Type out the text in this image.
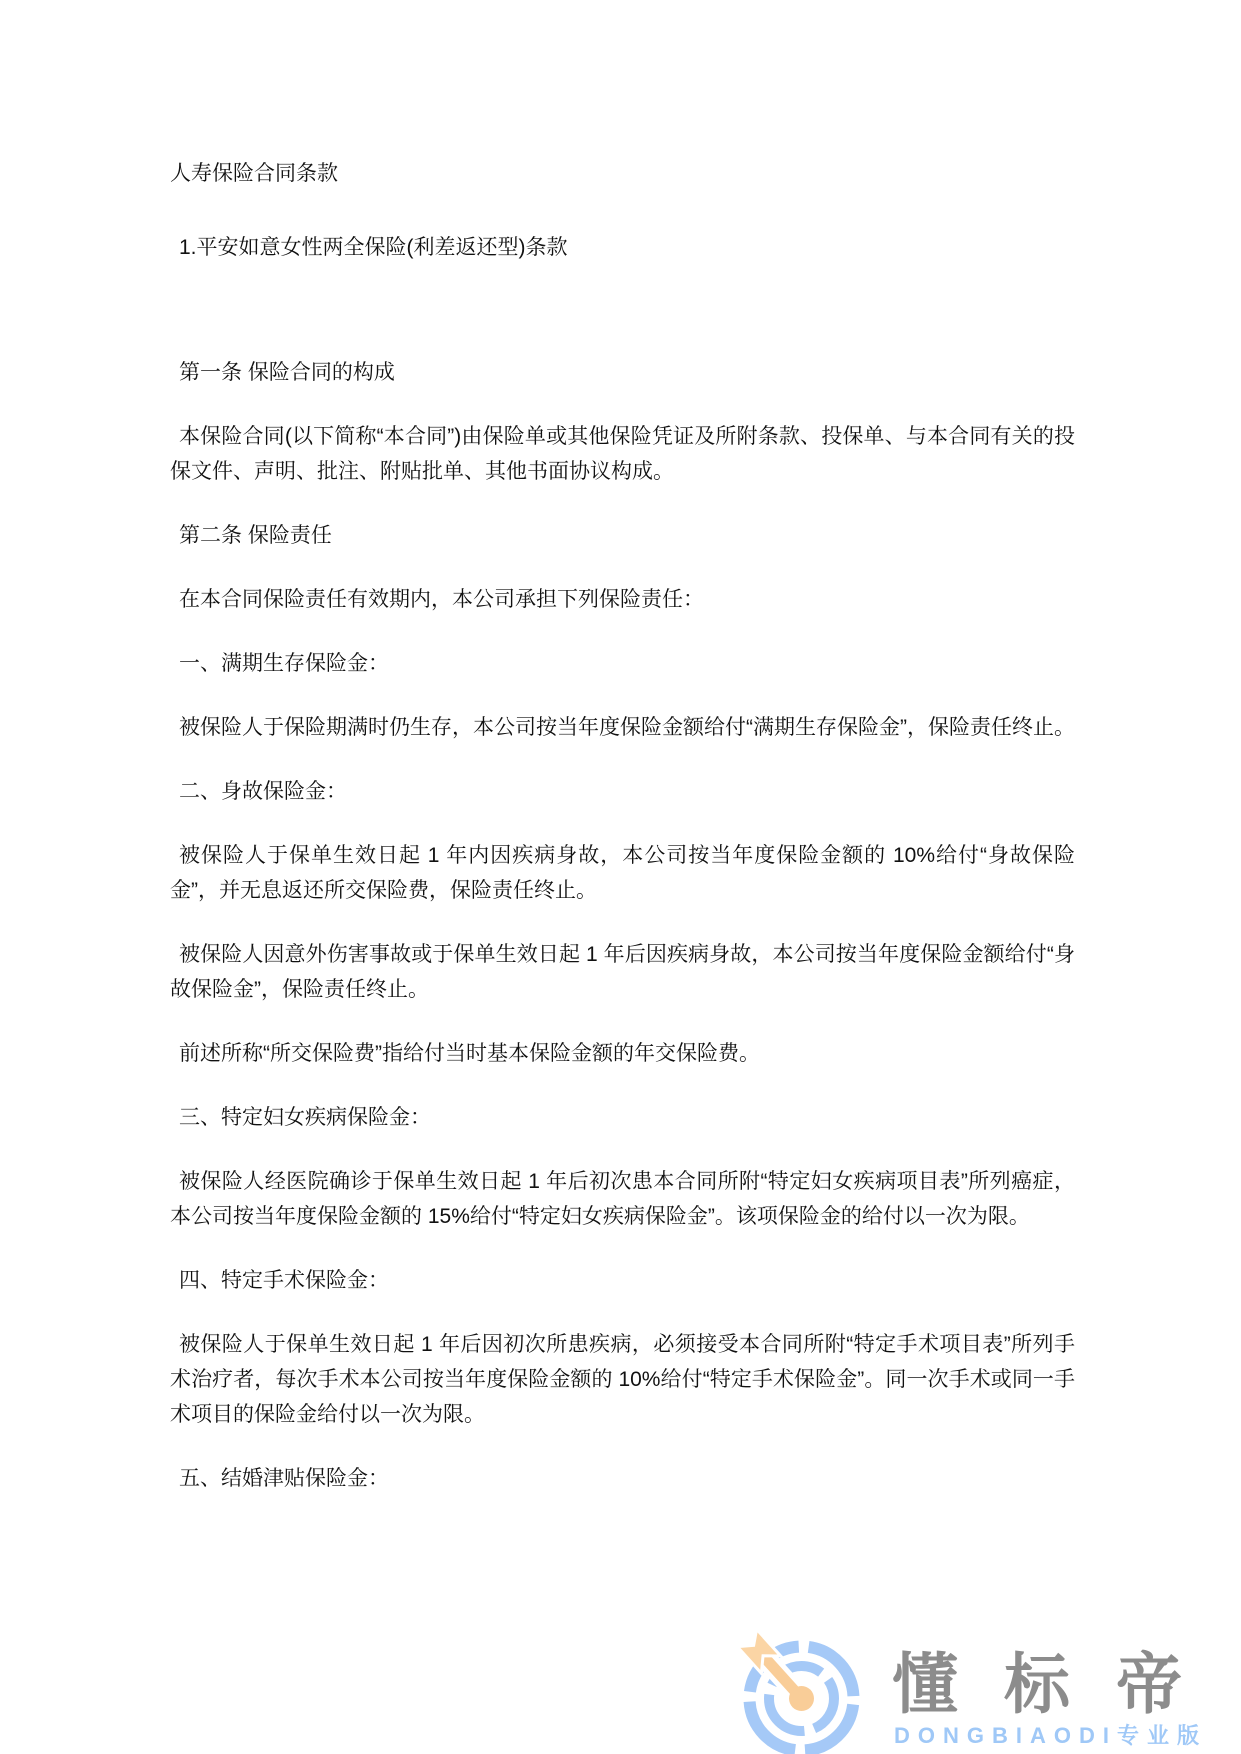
人寿保险合同条款

1.平安如意女性两全保险(利差返还型)条款

第一条 保险合同的构成

本保险合同(以下简称“本合同”)由保险单或其他保险凭证及所附条款、投保单、与本合同有关的投保文件、声明、批注、附贴批单、其他书面协议构成。

第二条 保险责任

在本合同保险责任有效期内，本公司承担下列保险责任：

一、满期生存保险金：

被保险人于保险期满时仍生存，本公司按当年度保险金额给付“满期生存保险金”，保险责任终止。

二、身故保险金：

被保险人于保单生效日起 1 年内因疾病身故，本公司按当年度保险金额的 10%给付“身故保险金”，并无息返还所交保险费，保险责任终止。

被保险人因意外伤害事故或于保单生效日起 1 年后因疾病身故，本公司按当年度保险金额给付“身故保险金”，保险责任终止。

前述所称“所交保险费”指给付当时基本保险金额的年交保险费。

三、特定妇女疾病保险金：

被保险人经医院确诊于保单生效日起 1 年后初次患本合同所附“特定妇女疾病项目表”所列癌症，本公司按当年度保险金额的 15%给付“特定妇女疾病保险金”。该项保险金的给付以一次为限。

四、特定手术保险金：

被保险人于保单生效日起 1 年后因初次所患疾病，必须接受本合同所附“特定手术项目表”所列手术治疗者，每次手术本公司按当年度保险金额的 10%给付“特定手术保险金”。同一次手术或同一手术项目的保险金给付以一次为限。

五、结婚津贴保险金：

懂标帝
DONGBIAODI专业版
